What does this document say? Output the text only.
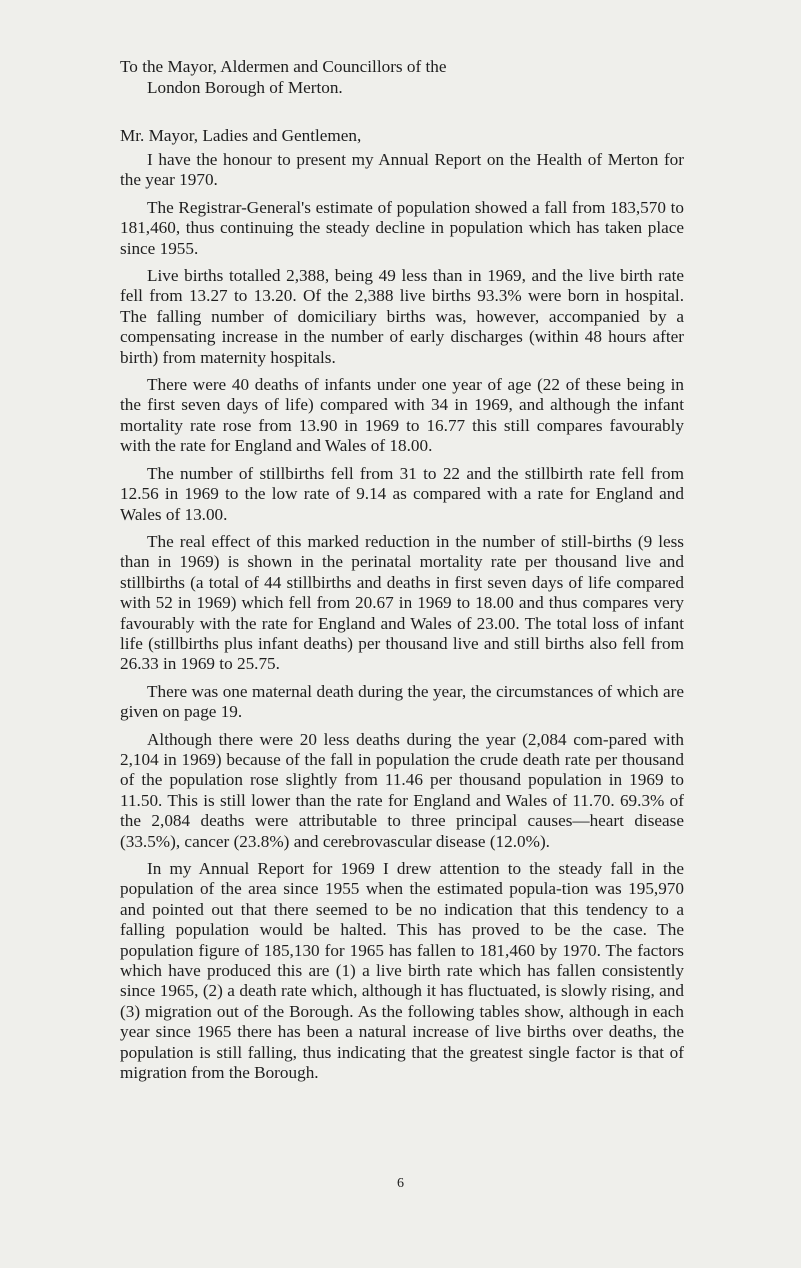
To the Mayor, Aldermen and Councillors of the

London Borough of Merton.

Mr. Mayor, Ladies and Gentlemen,

I have the honour to present my Annual Report on the Health of Merton for the year 1970.

The Registrar-General's estimate of population showed a fall from 183,570 to 181,460, thus continuing the steady decline in population which has taken place since 1955.

Live births totalled 2,388, being 49 less than in 1969, and the live birth rate fell from 13.27 to 13.20. Of the 2,388 live births 93.3% were born in hospital. The falling number of domiciliary births was, however, accompanied by a compensating increase in the number of early discharges (within 48 hours after birth) from maternity hospitals.

There were 40 deaths of infants under one year of age (22 of these being in the first seven days of life) compared with 34 in 1969, and although the infant mortality rate rose from 13.90 in 1969 to 16.77 this still compares favourably with the rate for England and Wales of 18.00.

The number of stillbirths fell from 31 to 22 and the stillbirth rate fell from 12.56 in 1969 to the low rate of 9.14 as compared with a rate for England and Wales of 13.00.

The real effect of this marked reduction in the number of still-births (9 less than in 1969) is shown in the perinatal mortality rate per thousand live and stillbirths (a total of 44 stillbirths and deaths in first seven days of life compared with 52 in 1969) which fell from 20.67 in 1969 to 18.00 and thus compares very favourably with the rate for England and Wales of 23.00. The total loss of infant life (stillbirths plus infant deaths) per thousand live and still births also fell from 26.33 in 1969 to 25.75.

There was one maternal death during the year, the circumstances of which are given on page 19.

Although there were 20 less deaths during the year (2,084 com-pared with 2,104 in 1969) because of the fall in population the crude death rate per thousand of the population rose slightly from 11.46 per thousand population in 1969 to 11.50. This is still lower than the rate for England and Wales of 11.70. 69.3% of the 2,084 deaths were attributable to three principal causes—heart disease (33.5%), cancer (23.8%) and cerebrovascular disease (12.0%).

In my Annual Report for 1969 I drew attention to the steady fall in the population of the area since 1955 when the estimated popula-tion was 195,970 and pointed out that there seemed to be no indication that this tendency to a falling population would be halted. This has proved to be the case. The population figure of 185,130 for 1965 has fallen to 181,460 by 1970. The factors which have produced this are (1) a live birth rate which has fallen consistently since 1965, (2) a death rate which, although it has fluctuated, is slowly rising, and (3) migration out of the Borough. As the following tables show, although in each year since 1965 there has been a natural increase of live births over deaths, the population is still falling, thus indicating that the greatest single factor is that of migration from the Borough.

6
